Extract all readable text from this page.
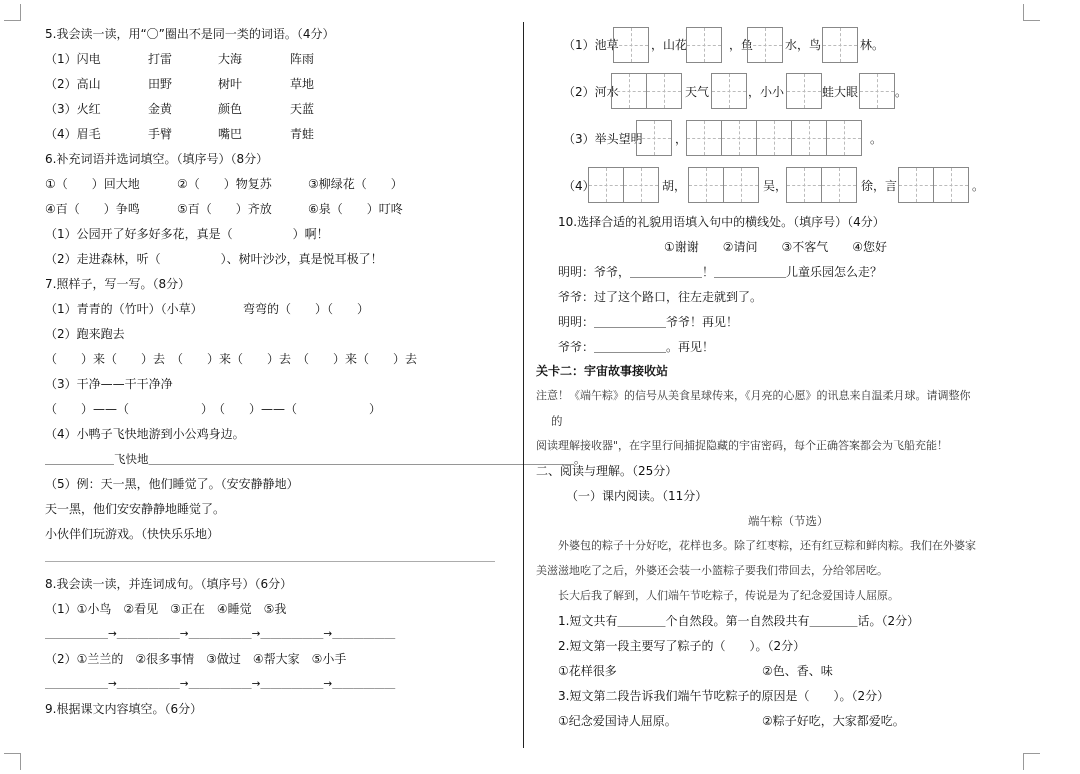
5.我会读一读，用“〇”圈出不是同一类的词语。（4分）
（1）闪电	打雷	大海	阵雨
（2）高山	田野	树叶	草地
（3）火红	金黄	颜色	天蓝
（4）眉毛	手臂	嘴巴	青蛙
6.补充词语并选词填空。（填序号）（8分）
①（　　）回大地	②（　　）物复苏	③柳绿花（　　）
④百（　　）争鸣	⑤百（　　）齐放	⑥泉（　　）叮咚
（1）公园开了好多好多花，真是（　　　　　）啊！
（2）走进森林，听（　　　　　）、树叶沙沙，真是悦耳极了！
7.照样子，写一写。（8分）
（1）青青的（竹叶）（小草）	弯弯的（　　）（　　）
（2）跑来跑去
（　　）来（　　）去　（　　）来（　　）去　（　　）来（　　）去
（3）干净——干干净净
（　　）——（　　　　　　）　（　　）——（　　　　　　）
（4）小鸭子飞快地游到小公鸡身边。
＿＿＿＿＿＿飞快地＿＿＿＿＿＿＿＿＿＿＿＿＿＿＿＿＿＿＿＿＿＿＿＿＿＿＿＿＿＿＿＿＿＿＿＿＿。
（5）例：天一黑，他们睡觉了。（安安静静地）
天一黑，他们安安静静地睡觉了。
小伙伴们玩游戏。（快快乐乐地）
＿＿＿＿＿＿＿＿＿＿＿＿＿＿＿＿＿＿＿＿＿＿＿＿＿＿＿＿＿＿＿＿＿＿＿＿＿＿＿＿＿＿＿＿＿＿＿＿＿＿
8.我会读一读，并连词成句。（填序号）（6分）
（1）①小鸟　②看见　③正在　④睡觉　⑤我
＿＿＿＿＿＿→＿＿＿＿＿＿→＿＿＿＿＿＿→＿＿＿＿＿＿→＿＿＿＿＿＿
（2）①兰兰的　②很多事情　③做过　④帮大家　⑤小手
＿＿＿＿＿＿→＿＿＿＿＿＿→＿＿＿＿＿＿→＿＿＿＿＿＿→＿＿＿＿＿＿
9.根据课文内容填空。（6分）
（1）池草	，山花	，鱼	水，鸟	林。
（2）河水	天气	，小小	蛙大眼	。
（3）举头望明	，	。
（4）	胡，	吴，	徐，言	。
10.选择合适的礼貌用语填入句中的横线处。（填序号）（4分）
①谢谢　　②请问　　③不客气　　④您好
明明：爷爷，＿＿＿＿＿＿！＿＿＿＿＿＿儿童乐园怎么走？
爷爷：过了这个路口，往左走就到了。
明明：＿＿＿＿＿＿爷爷！再见！
爷爷：＿＿＿＿＿＿。再见！
关卡二：宇宙故事接收站
注意！《端午粽》的信号从美食星球传来，《月亮的心愿》的讯息来自温柔月球。请调整你
的
阅读理解接收器"，在字里行间捕捉隐藏的宇宙密码，每个正确答案都会为飞船充能！
二、阅读与理解。（25分）
（一）课内阅读。（11分）
端午粽（节选）
外婆包的粽子十分好吃，花样也多。除了红枣粽，还有红豆粽和鲜肉粽。我们在外婆家
美滋滋地吃了之后，外婆还会装一小篮粽子要我们带回去，分给邻居吃。
长大后我了解到，人们端午节吃粽子，传说是为了纪念爱国诗人屈原。
1.短文共有＿＿＿＿个自然段。第一自然段共有＿＿＿＿话。（2分）
2.短文第一段主要写了粽子的（　　）。（2分）
①花样很多	②色、香、味
3.短文第二段告诉我们端午节吃粽子的原因是（　　）。（2分）
①纪念爱国诗人屈原。	②粽子好吃，大家都爱吃。
